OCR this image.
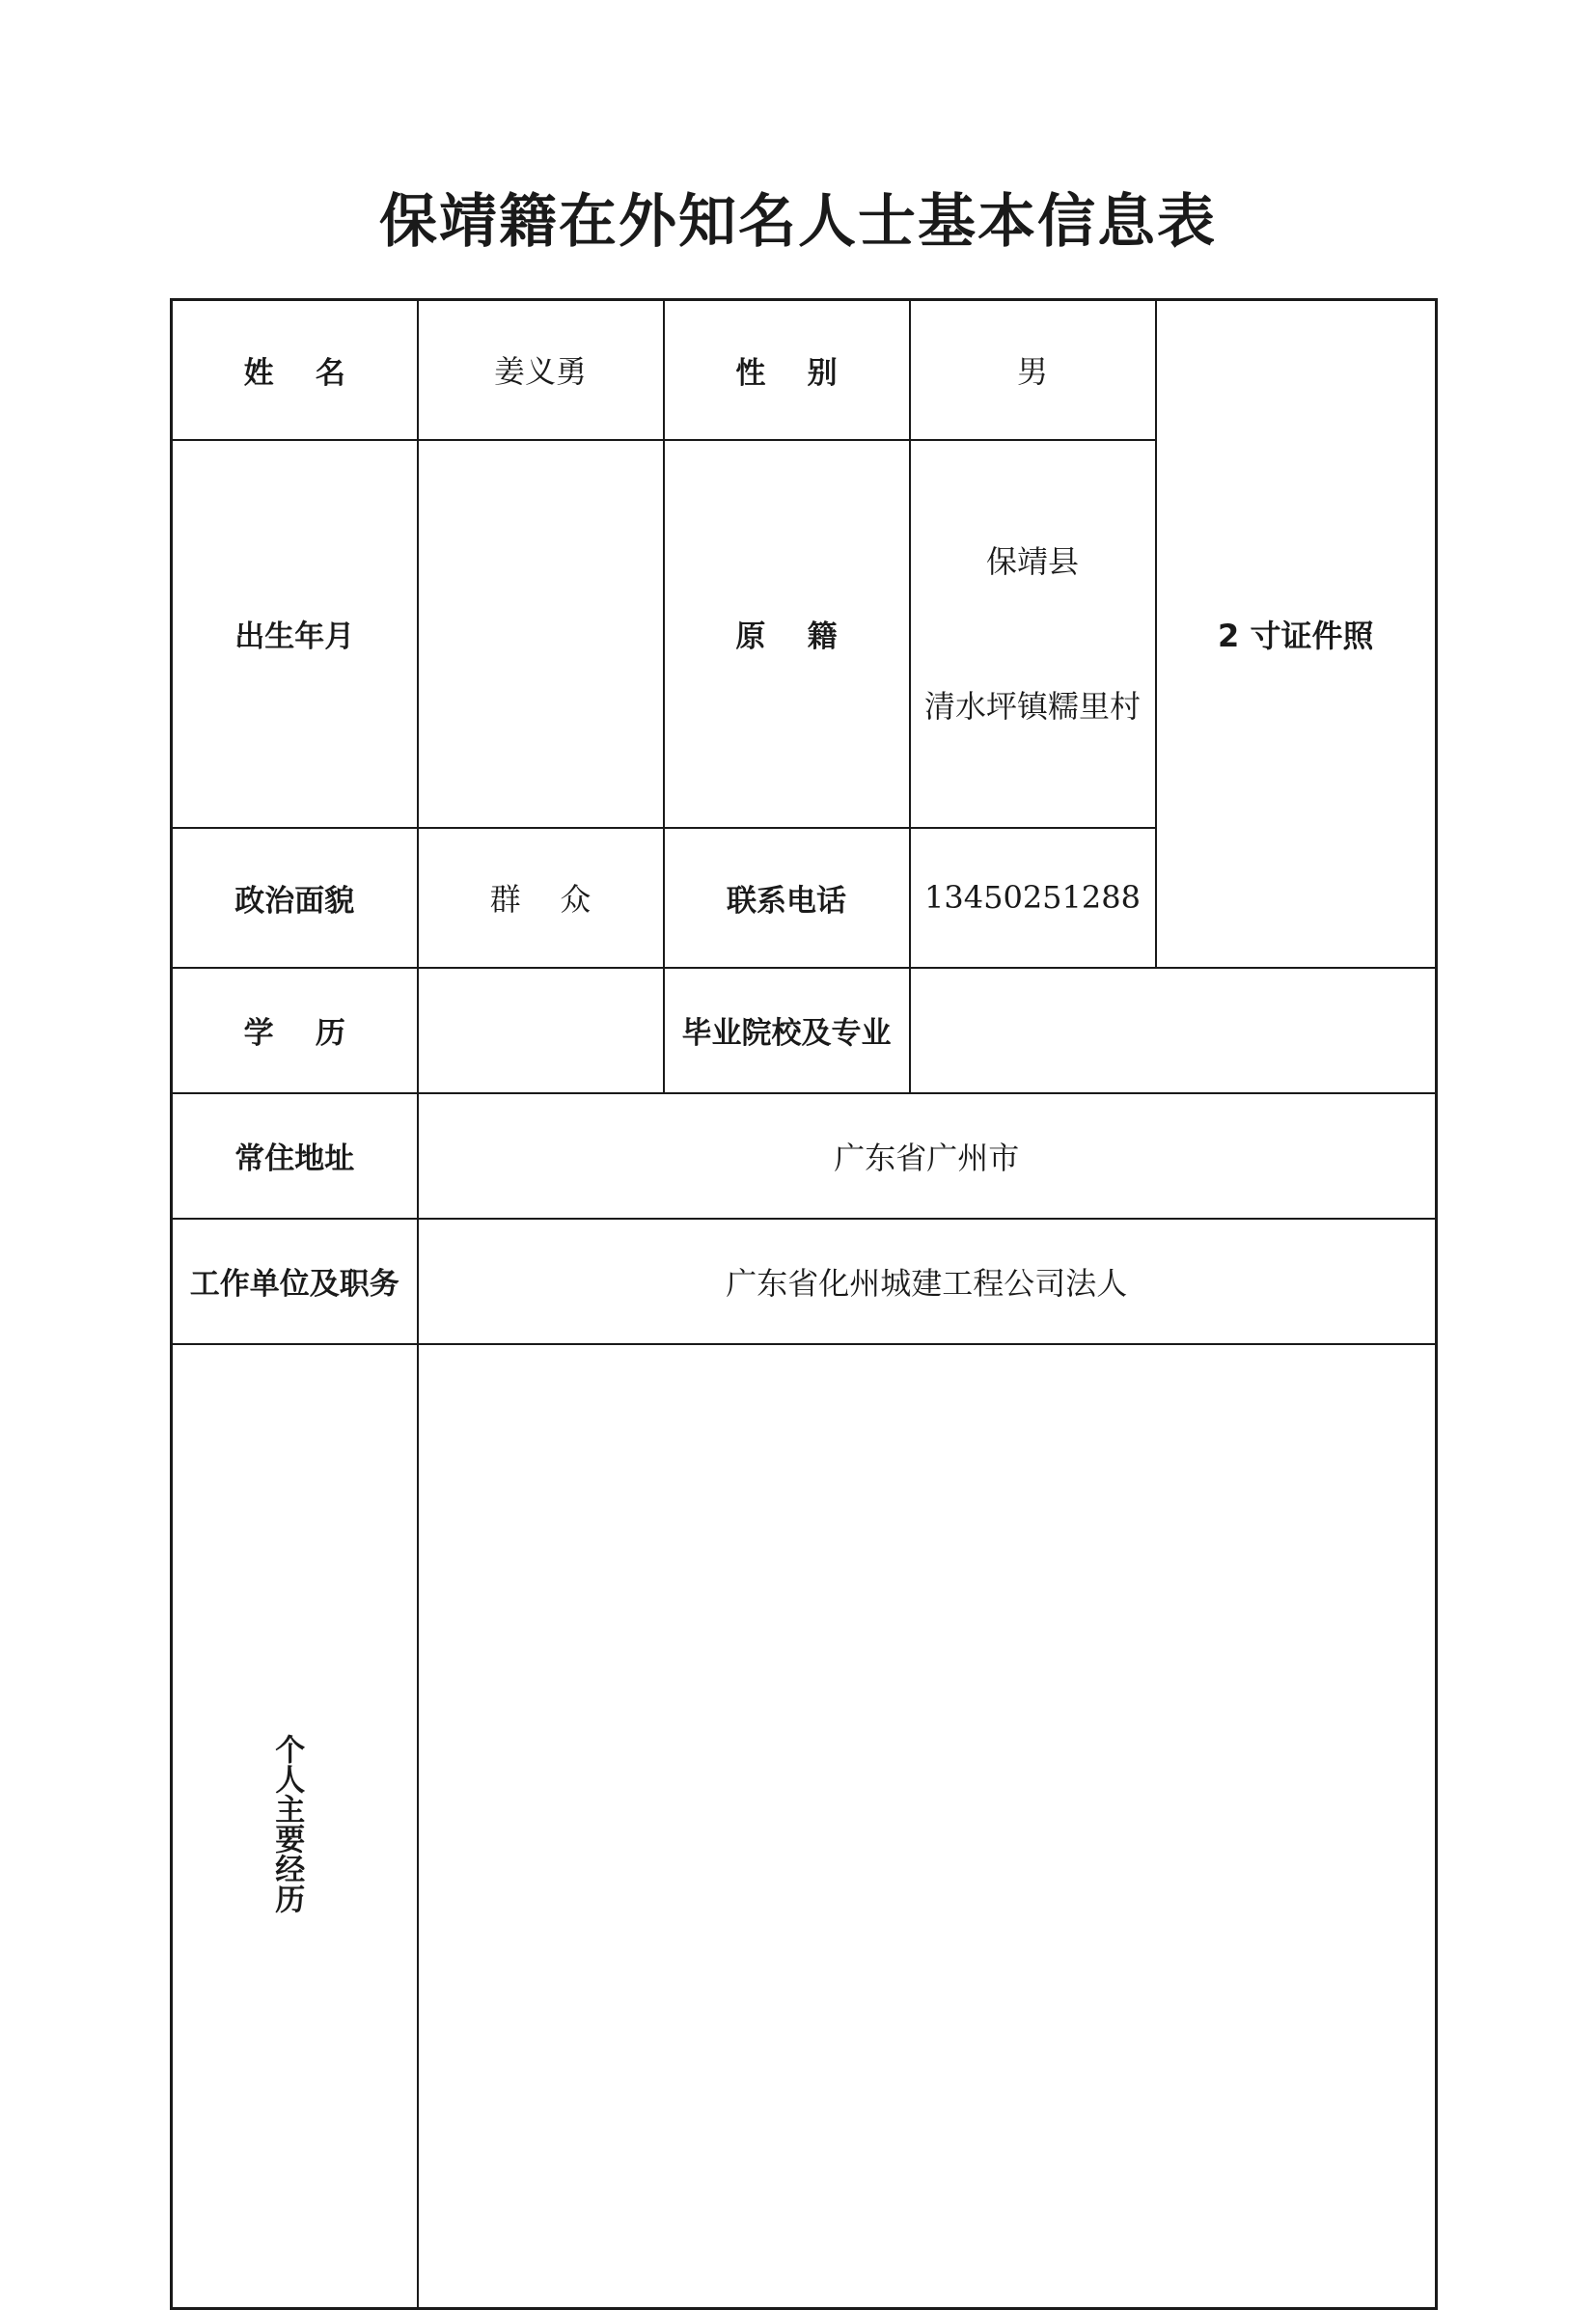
保靖籍在外知名人士基本信息表
姓    名	姜义勇	性    别	男	2 寸证件照
出生年月		原    籍	保靖县

清水坪镇糯里村	

政治面貌	群    众	联系电话	13450251288	
学    历		毕业院校及专业		
常住地址	广东省广州市			
工作单位及职务	广东省化州城建工程公司法人			
个人主要经历				
